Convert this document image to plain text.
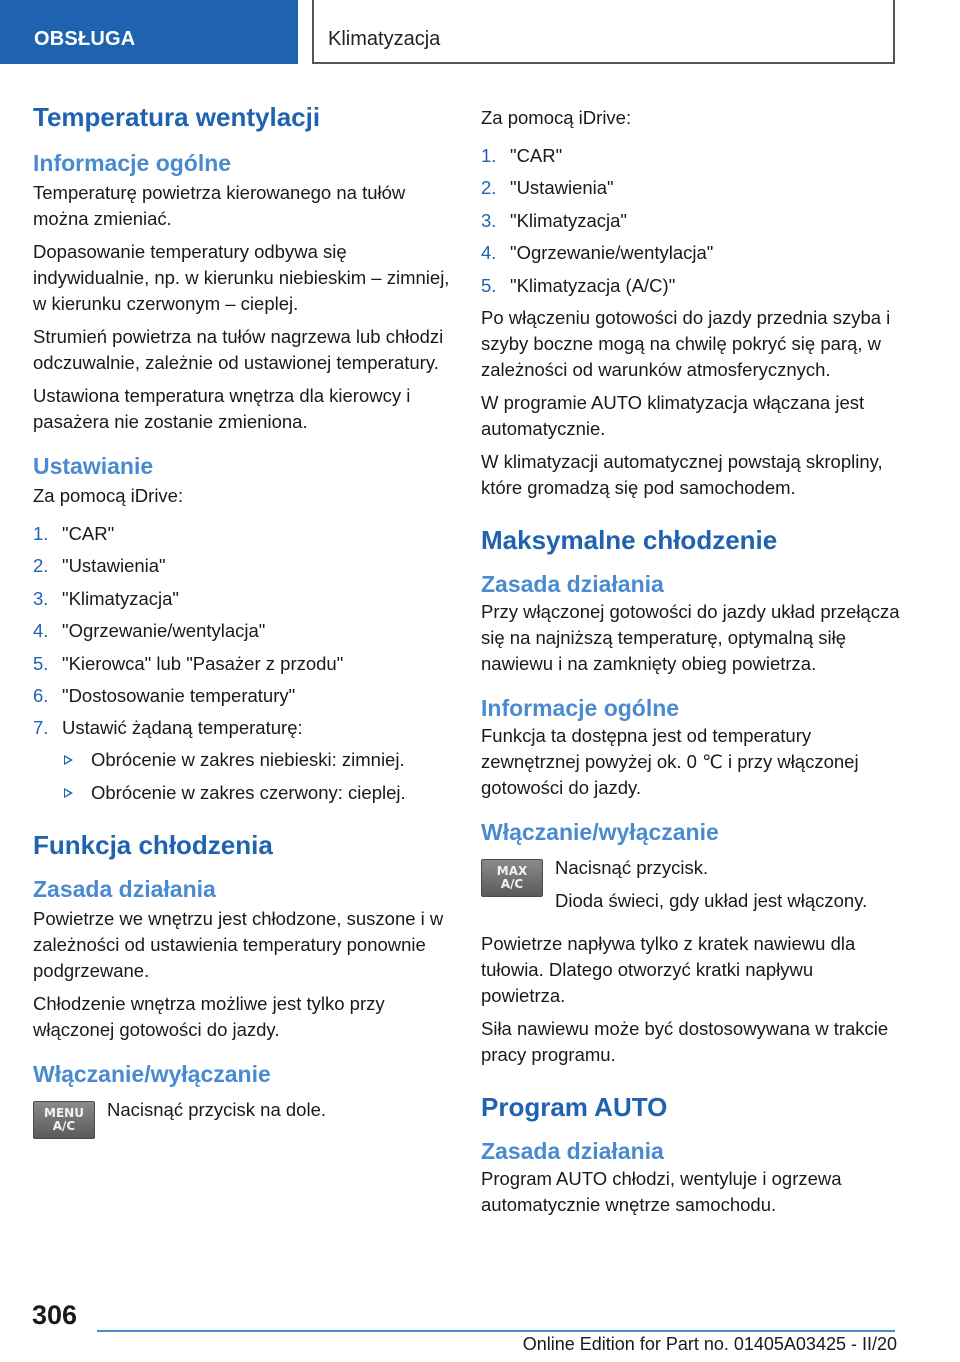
OBSŁUGA	Klimatyzacja
Temperatura wentylacji
Informacje ogólne

Temperaturę powietrza kierowanego na tułów można zmieniać.

Dopasowanie temperatury odbywa się indywidualnie, np. w kierunku niebieskim – zimniej, w kierunku czerwonym – cieplej.

Strumień powietrza na tułów nagrzewa lub chłodzi odczuwalnie, zależnie od ustawionej temperatury.

Ustawiona temperatura wnętrza dla kierowcy i pasażera nie zostanie zmieniona.

Ustawianie

Za pomocą iDrive:

1. "CAR"
2. "Ustawienia"
3. "Klimatyzacja"
4. "Ogrzewanie/wentylacja"
5. "Kierowca" lub "Pasażer z przodu"
6. "Dostosowanie temperatury"
7. Ustawić żądaną temperaturę:
Obrócenie w zakres niebieski: zimniej.
Obrócenie w zakres czerwony: cieplej.
Funkcja chłodzenia
Zasada działania

Powietrze we wnętrzu jest chłodzone, suszone i w zależności od ustawienia temperatury ponownie podgrzewane.

Chłodzenie wnętrza możliwe jest tylko przy włączonej gotowości do jazdy.

Włączanie/wyłączanie
MENU
A/C

Nacisnąć przycisk na dole.

Za pomocą iDrive:

1. "CAR"
2. "Ustawienia"
3. "Klimatyzacja"
4. "Ogrzewanie/wentylacja"
5. "Klimatyzacja (A/C)"

Po włączeniu gotowości do jazdy przednia szyba i szyby boczne mogą na chwilę pokryć się parą, w zależności od warunków atmosferycznych.

W programie AUTO klimatyzacja włączana jest automatycznie.

W klimatyzacji automatycznej powstają skropliny, które gromadzą się pod samochodem.

Maksymalne chłodzenie
Zasada działania

Przy włączonej gotowości do jazdy układ przełącza się na najniższą temperaturę, optymalną siłę nawiewu i na zamknięty obieg powietrza.

Informacje ogólne

Funkcja ta dostępna jest od temperatury zewnętrznej powyżej ok. 0 ℃ i przy włączonej gotowości do jazdy.

Włączanie/wyłączanie
MAX
A/C

Nacisnąć przycisk.

Dioda świeci, gdy układ jest włączony.

Powietrze napływa tylko z kratek nawiewu dla tułowia. Dlatego otworzyć kratki napływu powietrza.

Siła nawiewu może być dostosowywana w trakcie pracy programu.

Program AUTO
Zasada działania

Program AUTO chłodzi, wentyluje i ogrzewa automatycznie wnętrze samochodu.

306
Online Edition for Part no. 01405A03425 - II/20
